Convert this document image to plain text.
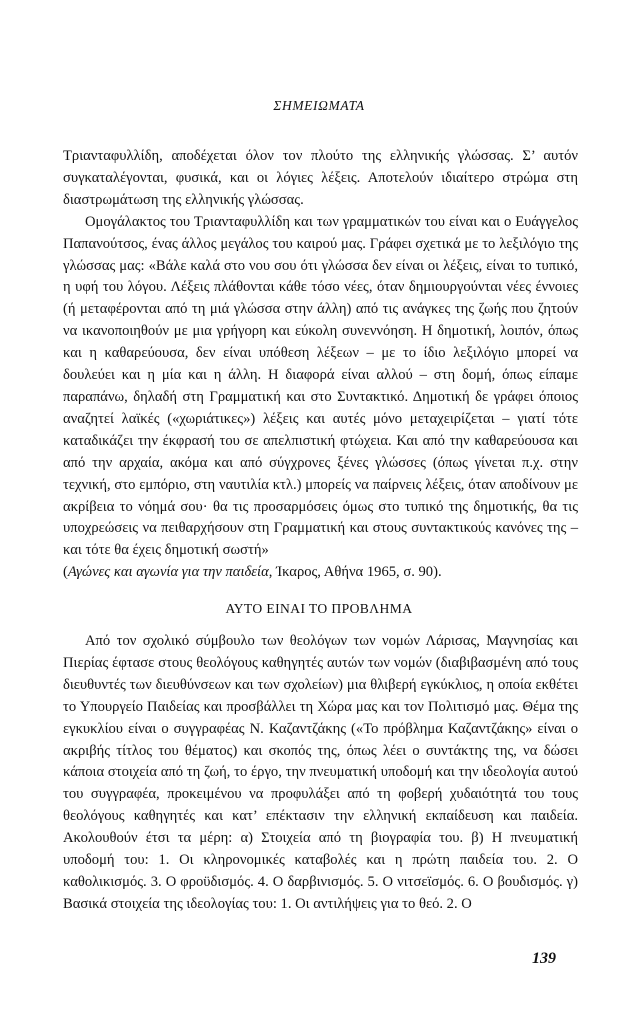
ΣΗΜΕΙΩΜΑΤΑ

Τριανταφυλλίδη, αποδέχεται όλον τον πλούτο της ελληνικής γλώσσας. Σ’ αυτόν συγκαταλέγονται, φυσικά, και οι λόγιες λέξεις. Αποτελούν ιδιαίτερο στρώμα στη διαστρωμάτωση της ελληνικής γλώσσας.

Ομογάλακτος του Τριανταφυλλίδη και των γραμματικών του είναι και ο Ευάγγελος Παπανούτσος, ένας άλλος μεγάλος του καιρού μας. Γράφει σχετικά με το λεξιλόγιο της γλώσσας μας: «Βάλε καλά στο νου σου ότι γλώσσα δεν είναι οι λέξεις, είναι το τυπικό, η υφή του λόγου. Λέξεις πλάθονται κάθε τόσο νέες, όταν δημιουργούνται νέες έννοιες (ή μεταφέρονται από τη μιά γλώσσα στην άλλη) από τις ανάγκες της ζωής που ζητούν να ικανοποιηθούν με μια γρήγορη και εύκολη συνεννόηση. Η δημοτική, λοιπόν, όπως και η καθαρεύουσα, δεν είναι υπόθεση λέξεων – με το ίδιο λεξιλόγιο μπορεί να δουλεύει και η μία και η άλλη. Η διαφορά είναι αλλού – στη δομή, όπως είπαμε παραπάνω, δηλαδή στη Γραμματική και στο Συντακτικό. Δημοτική δε γράφει όποιος αναζητεί λαϊκές («χωριάτικες») λέξεις και αυτές μόνο μεταχειρίζεται – γιατί τότε καταδικάζει την έκφρασή του σε απελπιστική φτώχεια. Και από την καθαρεύουσα και από την αρχαία, ακόμα και από σύγχρονες ξένες γλώσσες (όπως γίνεται π.χ. στην τεχνική, στο εμπόριο, στη ναυτιλία κτλ.) μπορείς να παίρνεις λέξεις, όταν αποδίνουν με ακρίβεια το νόημά σου· θα τις προσαρμόσεις όμως στο τυπικό της δημοτικής, θα τις υποχρεώσεις να πειθαρχήσουν στη Γραμματική και στους συντακτικούς κανόνες της – και τότε θα έχεις δημοτική σωστή»
(Αγώνες και αγωνία για την παιδεία, Ίκαρος, Αθήνα 1965, σ. 90).

ΑΥΤΟ ΕΙΝΑΙ ΤΟ ΠΡΟΒΛΗΜΑ

Από τον σχολικό σύμβουλο των θεολόγων των νομών Λάρισας, Μαγνησίας και Πιερίας έφτασε στους θεολόγους καθηγητές αυτών των νομών (διαβιβασμένη από τους διευθυντές των διευθύνσεων και των σχολείων) μια θλιβερή εγκύκλιος, η οποία εκθέτει το Υπουργείο Παιδείας και προσβάλλει τη Χώρα μας και τον Πολιτισμό μας. Θέμα της εγκυκλίου είναι ο συγγραφέας Ν. Καζαντζάκης («Το πρόβλημα Καζαντζάκης» είναι ο ακριβής τίτλος του θέματος) και σκοπός της, όπως λέει ο συντάκτης της, να δώσει κάποια στοιχεία από τη ζωή, το έργο, την πνευματική υποδομή και την ιδεολογία αυτού του συγγραφέα, προκειμένου να προφυλάξει από τη φοβερή χυδαιότητά του τους θεολόγους καθηγητές και κατ’ επέκτασιν την ελληνική εκπαίδευση και παιδεία. Ακολουθούν έτσι τα μέρη: α) Στοιχεία από τη βιογραφία του. β) Η πνευματική υποδομή του: 1. Οι κληρονομικές καταβολές και η πρώτη παιδεία του. 2. Ο καθολικισμός. 3. Ο φροϋδισμός. 4. Ο δαρβινισμός. 5. Ο νιτσεϊσμός. 6. Ο βουδισμός. γ) Βασικά στοιχεία της ιδεολογίας του: 1. Οι αντιλήψεις για το θεό. 2. Ο

139
